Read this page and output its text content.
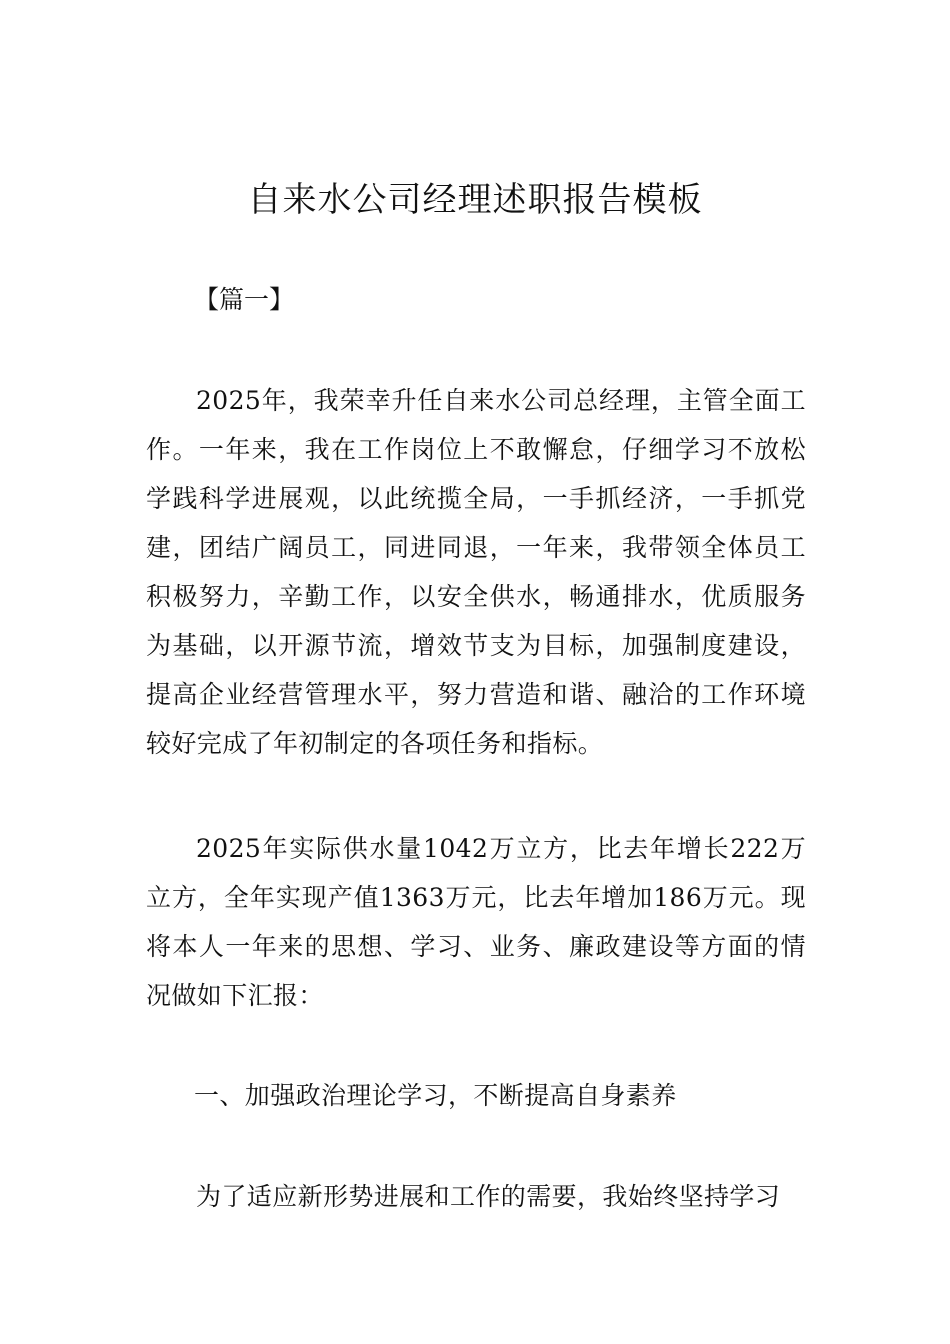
自来水公司经理述职报告模板
【篇一】

2025年，我荣幸升任自来水公司总经理，主管全面工作。一年来，我在工作岗位上不敢懈怠，仔细学习不放松学践科学进展观，以此统揽全局，一手抓经济，一手抓党建，团结广阔员工，同进同退，一年来，我带领全体员工积极努力，辛勤工作，以安全供水，畅通排水，优质服务为基础，以开源节流，增效节支为目标，加强制度建设，提高企业经营管理水平，努力营造和谐、融洽的工作环境较好完成了年初制定的各项任务和指标。

2025年实际供水量1042万立方，比去年增长222万立方，全年实现产值1363万元，比去年增加186万元。现将本人一年来的思想、学习、业务、廉政建设等方面的情况做如下汇报：

一、加强政治理论学习，不断提高自身素养

为了适应新形势进展和工作的需要，我始终坚持学习
